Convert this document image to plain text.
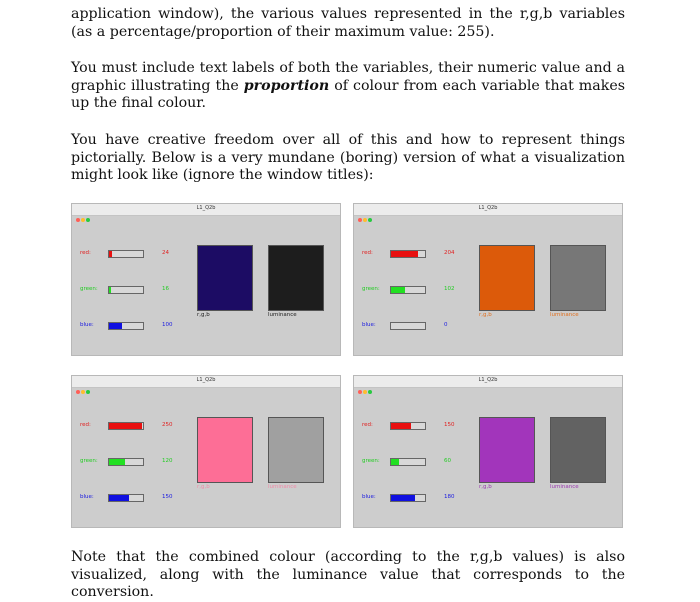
application window), the various values represented in the r,g,b variables (as a percentage/proportion of their maximum value: 255).

You must include text labels of both the variables, their numeric value and a graphic illustrating the proportion of colour from each variable that makes up the final colour.

You have creative freedom over all of this and how to represent things pictorially. Below is a very mundane (boring) version of what a visualization might look like (ignore the window titles):

L1_Q2b
red:	24
green:	16
blue:	100
r,g,b	luminance
L1_Q2b
red:	204
green:	102
blue:	0
r,g,b	luminance
L1_Q2b
red:	250
green:	120
blue:	150
r,g,b	luminance
L1_Q2b
red:	150
green:	60
blue:	180
r,g,b	luminance

Note that the combined colour (according to the r,g,b values) is also visualized, along with the luminance value that corresponds to the conversion.
